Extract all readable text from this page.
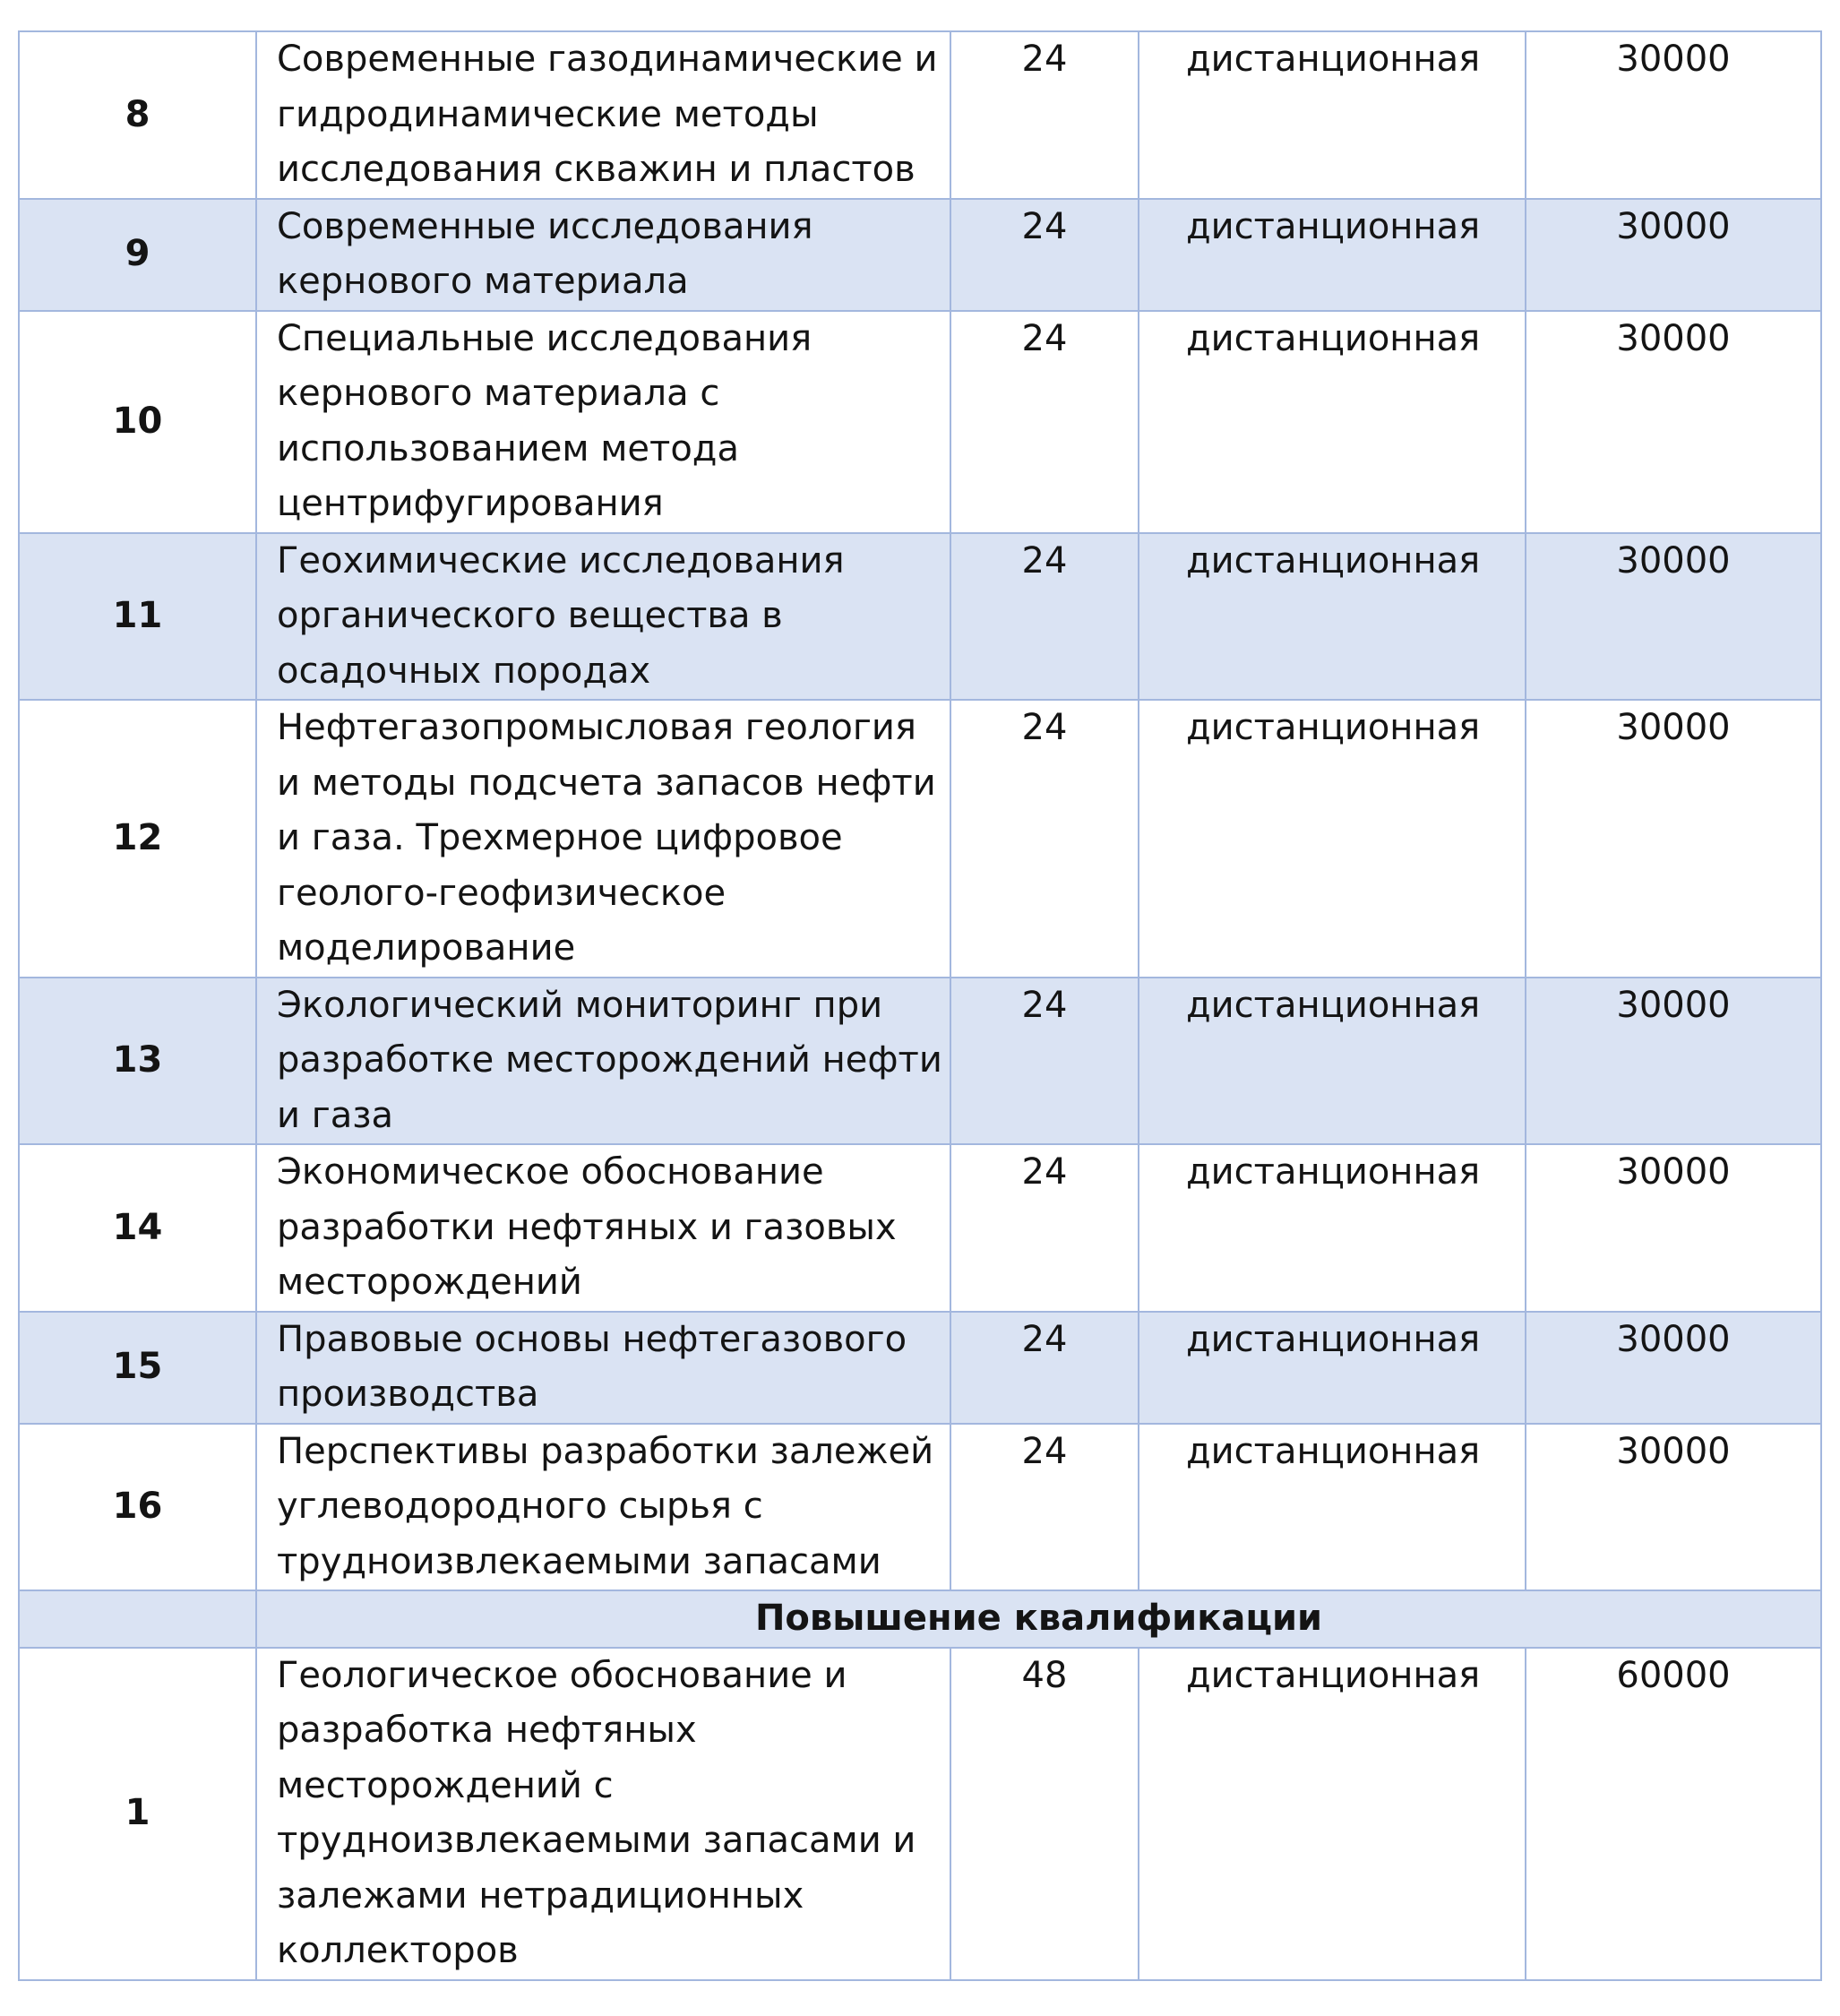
8	Современные газодинамические и гидродинамические методы исследования скважин и пластов	24	дистанционная	30000

9	Современные исследования кернового материала	24	дистанционная	30000

10	Специальные исследования кернового материала с использованием метода центрифугирования	24	дистанционная	30000

11	Геохимические исследования органического вещества в осадочных породах	24	дистанционная	30000

12	Нефтегазопромысловая геология и методы подсчета запасов нефти и газа. Трехмерное цифровое геолого-геофизическое моделирование	24	дистанционная	30000

13	Экологический мониторинг при разработке месторождений нефти и газа	24	дистанционная	30000

14	Экономическое обоснование разработки нефтяных и газовых месторождений	24	дистанционная	30000

15	Правовые основы нефтегазового производства	24	дистанционная	30000

16	Перспективы разработки залежей углеводородного сырья с трудноизвлекаемыми запасами	24	дистанционная	30000

	Повышение квалификации			

1	Геологическое обоснование и разработка нефтяных месторождений с трудноизвлекаемыми запасами и залежами нетрадиционных коллекторов	48	дистанционная	60000
